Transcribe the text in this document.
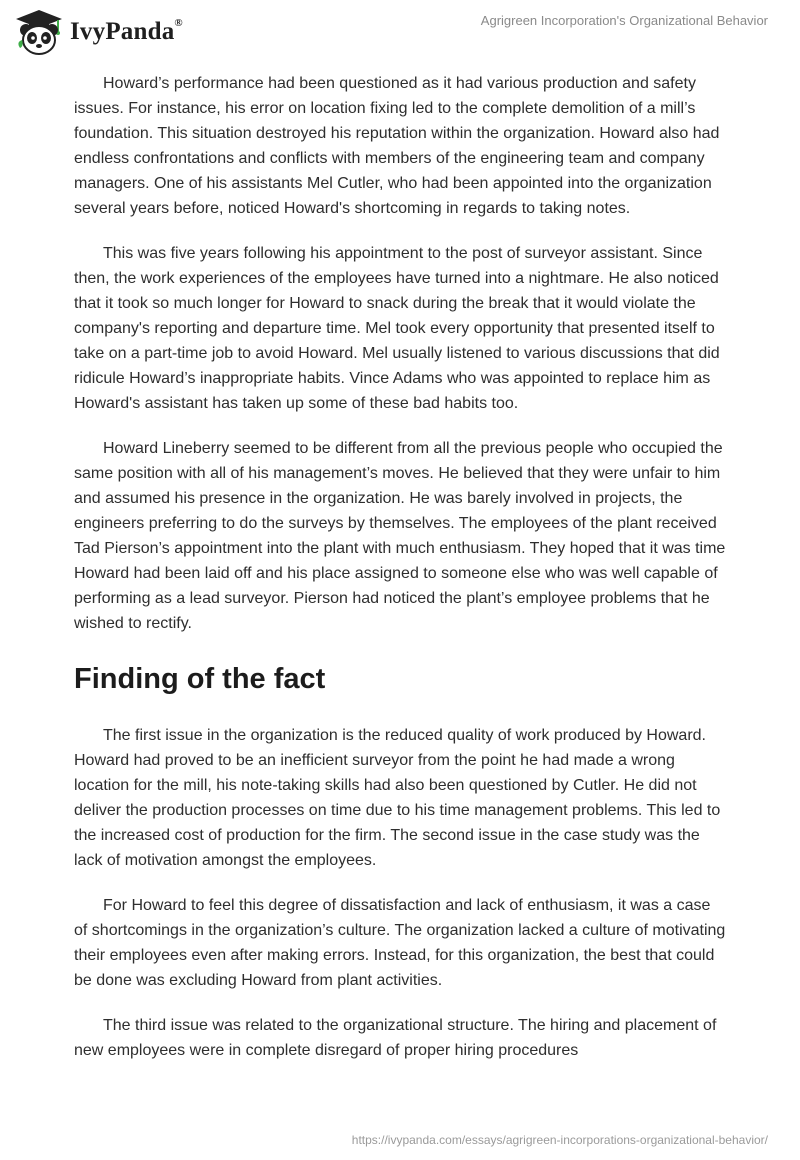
IvyPanda®	Agrigreen Incorporation's Organizational Behavior

Howard’s performance had been questioned as it had various production and safety issues. For instance, his error on location fixing led to the complete demolition of a mill’s foundation. This situation destroyed his reputation within the organization. Howard also had endless confrontations and conflicts with members of the engineering team and company managers. One of his assistants Mel Cutler, who had been appointed into the organization several years before, noticed Howard's shortcoming in regards to taking notes.

This was five years following his appointment to the post of surveyor assistant. Since then, the work experiences of the employees have turned into a nightmare. He also noticed that it took so much longer for Howard to snack during the break that it would violate the company's reporting and departure time. Mel took every opportunity that presented itself to take on a part-time job to avoid Howard. Mel usually listened to various discussions that did ridicule Howard’s inappropriate habits. Vince Adams who was appointed to replace him as Howard's assistant has taken up some of these bad habits too.

Howard Lineberry seemed to be different from all the previous people who occupied the same position with all of his management’s moves. He believed that they were unfair to him and assumed his presence in the organization. He was barely involved in projects, the engineers preferring to do the surveys by themselves. The employees of the plant received Tad Pierson’s appointment into the plant with much enthusiasm. They hoped that it was time Howard had been laid off and his place assigned to someone else who was well capable of performing as a lead surveyor. Pierson had noticed the plant’s employee problems that he wished to rectify.

Finding of the fact

The first issue in the organization is the reduced quality of work produced by Howard. Howard had proved to be an inefficient surveyor from the point he had made a wrong location for the mill, his note-taking skills had also been questioned by Cutler. He did not deliver the production processes on time due to his time management problems. This led to the increased cost of production for the firm. The second issue in the case study was the lack of motivation amongst the employees.

For Howard to feel this degree of dissatisfaction and lack of enthusiasm, it was a case of shortcomings in the organization’s culture. The organization lacked a culture of motivating their employees even after making errors. Instead, for this organization, the best that could be done was excluding Howard from plant activities.

The third issue was related to the organizational structure. The hiring and placement of new employees were in complete disregard of proper hiring procedures

https://ivypanda.com/essays/agrigreen-incorporations-organizational-behavior/
